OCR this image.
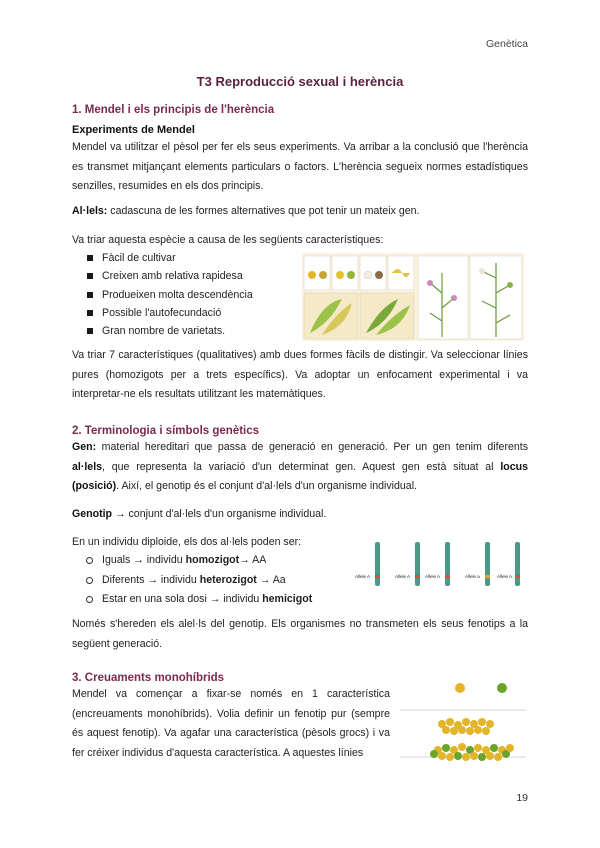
Genètica
T3 Reproducció sexual i herència
1. Mendel i els principis de l'herència
Experiments de Mendel
Mendel va utilitzar el pèsol per fer els seus experiments. Va arribar a la conclusió que l'herència es transmet mitjançant elements particulars o factors. L'herència segueix normes estadístiques senzilles, resumides en els dos principis.
Al·lels: cadascuna de les formes alternatives que pot tenir un mateix gen.
Va triar aquesta espècie a causa de les següents característiques:
Fàcil de cultivar
Creixen amb relativa rapidesa
Produeixen molta descendència
Possible l'autofecundació
Gran nombre de varietats.
Va triar 7 característiques (qualitatives) amb dues formes fàcils de distingir. Va seleccionar línies pures (homozigots per a trets específics). Va adoptar un enfocament experimental i va interpretar-ne els resultats utilitzant les matemàtiques.
2. Terminologia i símbols genètics
Gen: material hereditari que passa de generació en generació. Per un gen tenim diferents al·lels, que representa la variació d'un determinat gen. Aquest gen està situat al locus (posició). Així, el genotip és el conjunt d'al·lels d'un organisme individual.
Genotip → conjunt d'al·lels d'un organisme individual.
En un individu diploide, els dos al·lels poden ser:
Iguals → individu homozigot→ AA
Diferents → individu heterozigot → Aa
Estar en una sola dosi → individu hemicigot
Allele A	Allele A	Allele A	Allele a	Allele A
Només s'hereden els alel·ls del genotip. Els organismes no transmeten els seus fenotips a la següent generació.
3. Creuaments monohíbrids
Mendel va començar a fixar-se només en 1 característica (encreuaments monohíbrids). Volia definir un fenotip pur (sempre és aquest fenotip). Va agafar una característica (pèsols grocs) i va fer créixer individus d'aquesta característica. A aquestes línies
19
